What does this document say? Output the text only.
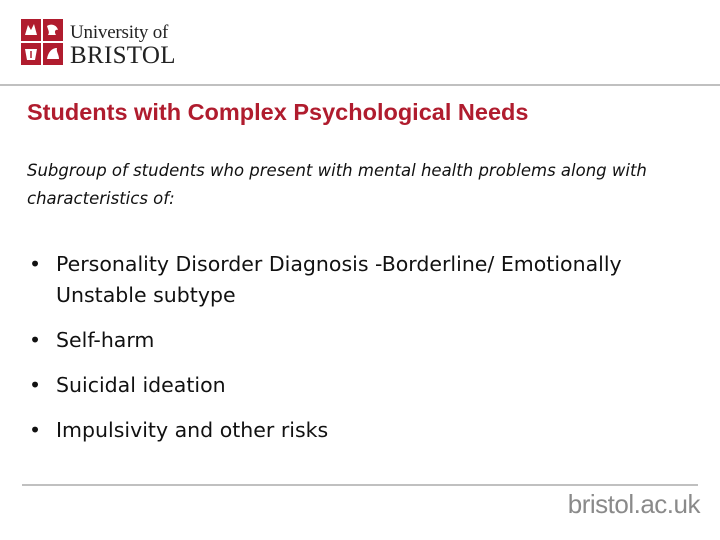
University of
BRISTOL
Students with Complex Psychological Needs
Subgroup of students who present with mental health problems along with characteristics of:
• Personality Disorder Diagnosis -Borderline/ Emotionally Unstable subtype
• Self-harm
• Suicidal ideation
• Impulsivity and other risks
bristol.ac.uk
